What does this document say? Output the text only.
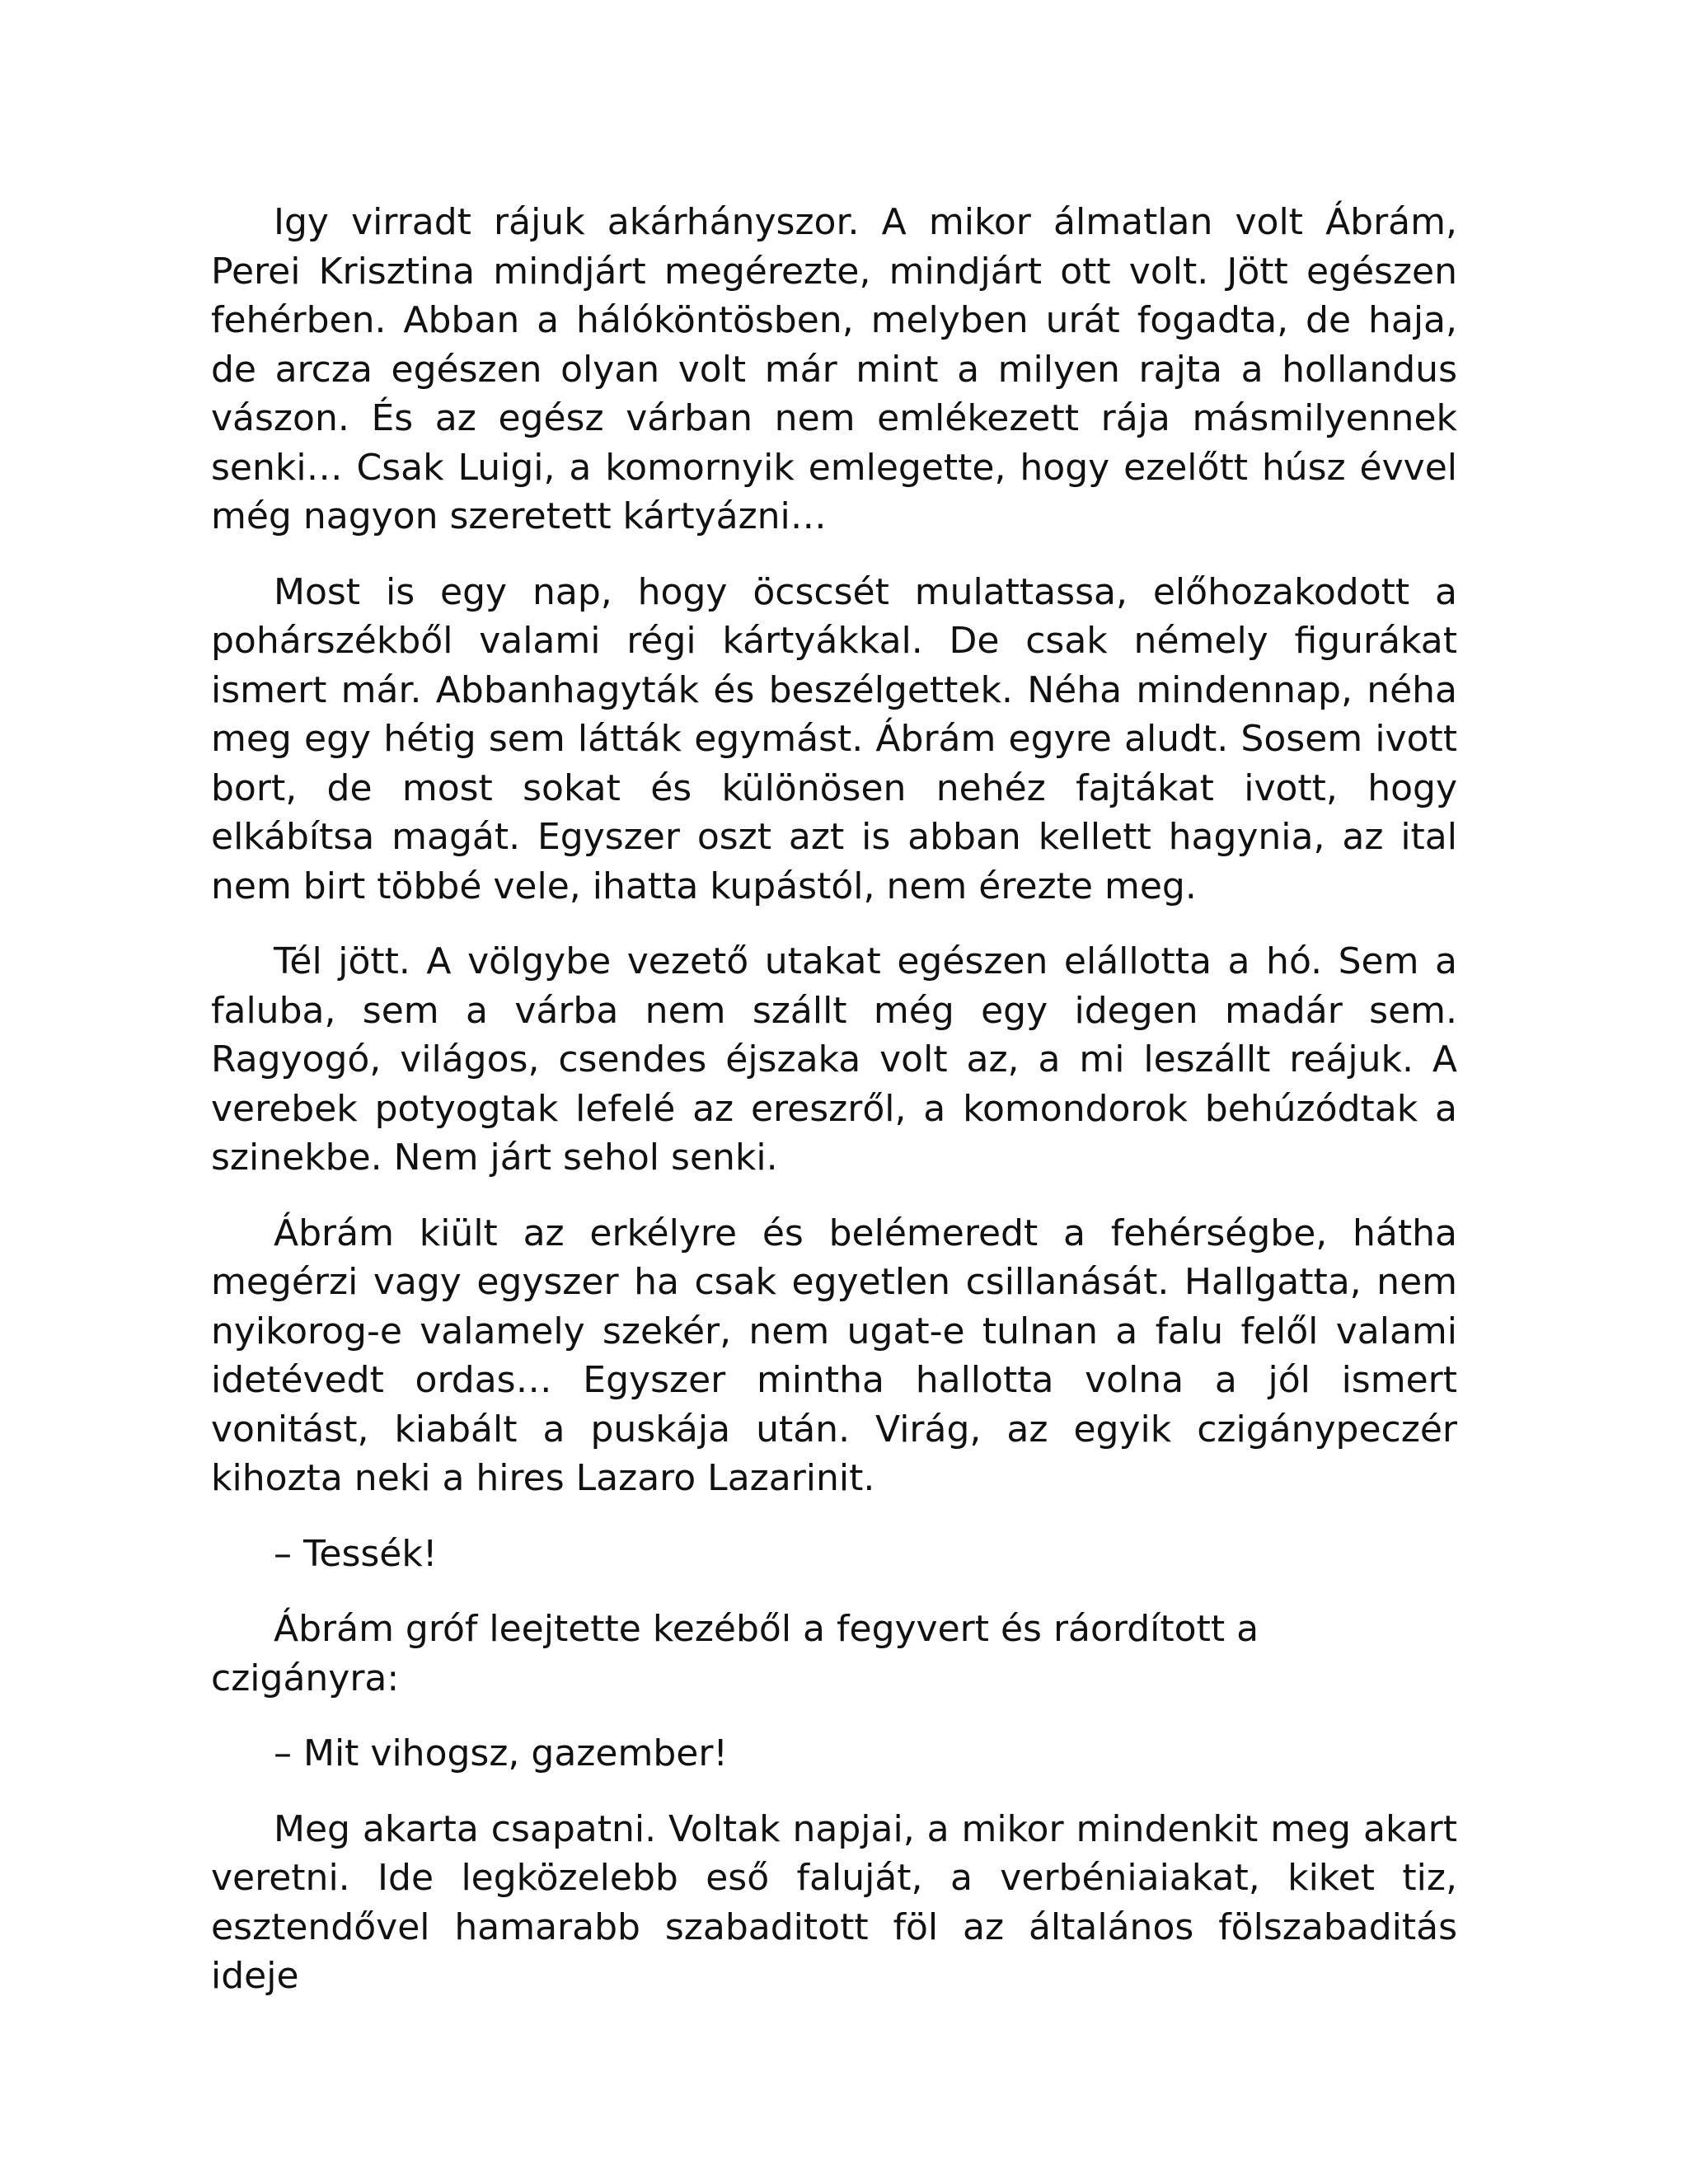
Igy virradt rájuk akárhányszor. A mikor álmatlan volt Ábrám, Perei Krisztina mindjárt megérezte, mindjárt ott volt. Jött egészen fehérben. Abban a hálóköntösben, melyben urát fogadta, de haja, de arcza egészen olyan volt már mint a milyen rajta a hollandus vászon. És az egész várban nem emlékezett rája másmilyennek senki… Csak Luigi, a komornyik emlegette, hogy ezelőtt húsz évvel még nagyon szeretett kártyázni…

Most is egy nap, hogy öcscsét mulattassa, előhozakodott a pohárszékből valami régi kártyákkal. De csak némely figurákat ismert már. Abbanhagyták és beszélgettek. Néha mindennap, néha meg egy hétig sem látták egymást. Ábrám egyre aludt. Sosem ivott bort, de most sokat és különösen nehéz fajtákat ivott, hogy elkábítsa magát. Egyszer oszt azt is abban kellett hagynia, az ital nem birt többé vele, ihatta kupástól, nem érezte meg.

Tél jött. A völgybe vezető utakat egészen elállotta a hó. Sem a faluba, sem a várba nem szállt még egy idegen madár sem. Ragyogó, világos, csendes éjszaka volt az, a mi leszállt reájuk. A verebek potyogtak lefelé az ereszről, a komondorok behúzódtak a szinekbe. Nem járt sehol senki.

Ábrám kiült az erkélyre és belémeredt a fehérségbe, hátha megérzi vagy egyszer ha csak egyetlen csillanását. Hallgatta, nem nyikorog-e valamely szekér, nem ugat-e tulnan a falu felől valami idetévedt ordas… Egyszer mintha hallotta volna a jól ismert vonitást, kiabált a puskája után. Virág, az egyik czigánypeczér kihozta neki a hires Lazaro Lazarinit.

– Tessék!

Ábrám gróf leejtette kezéből a fegyvert és ráordított a czigányra:

– Mit vihogsz, gazember!

Meg akarta csapatni. Voltak napjai, a mikor mindenkit meg akart veretni. Ide legközelebb eső faluját, a verbéniaiakat, kiket tiz, esztendővel hamarabb szabaditott föl az általános fölszabaditás ideje
